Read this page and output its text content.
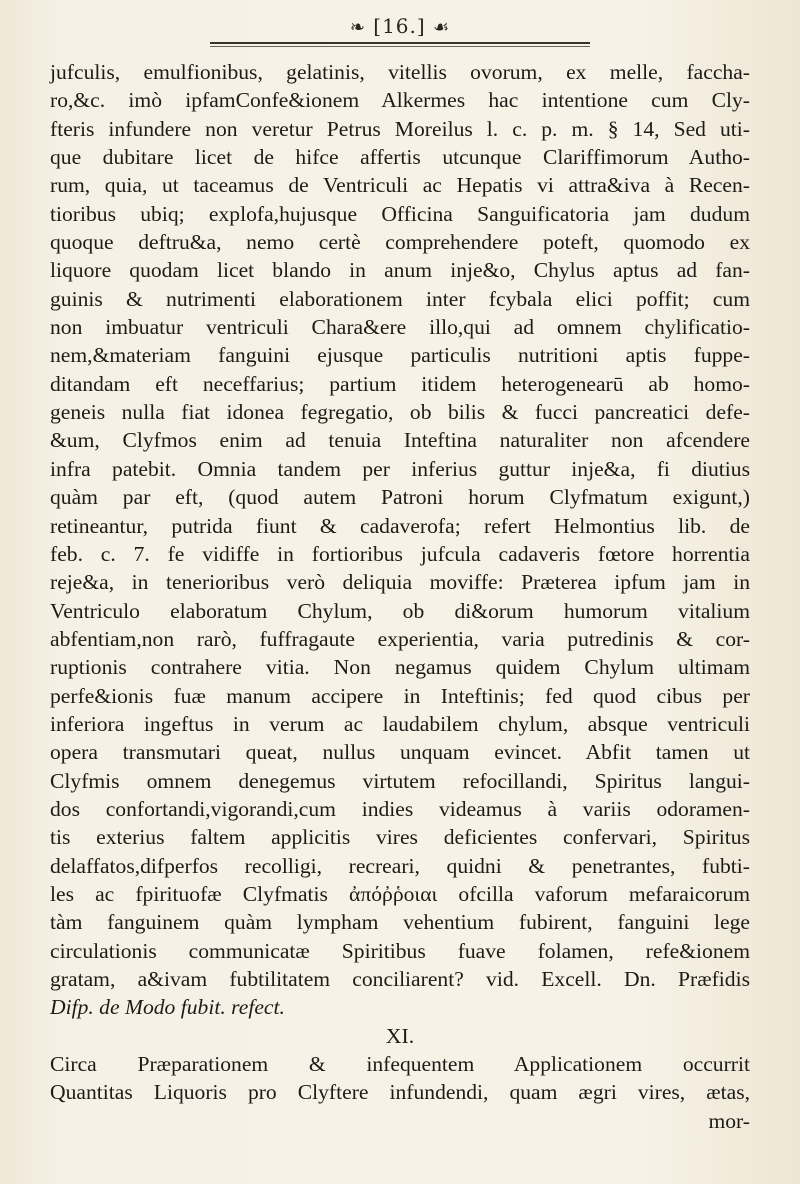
❧ [16.] ☙
jufculis, emulfionibus, gelatinis, vitellis ovorum, ex melle, faccha-
ro,&c. imò ipfamConfe&ionem Alkermes hac intentione cum Cly-
fteris infundere non veretur Petrus Moreilus l. c. p. m. § 14, Sed uti-
que dubitare licet de hifce affertis utcunque Clariffimorum Autho-
rum, quia, ut taceamus de Ventriculi ac Hepatis vi attra&iva à Recen-
tioribus ubiq; explofa,hujusque Officina Sanguificatoria jam dudum
quoque deftru&a, nemo certè comprehendere poteft, quomodo ex
liquore quodam licet blando in anum inje&o, Chylus aptus ad fan-
guinis & nutrimenti elaborationem inter fcybala elici poffit; cum
non imbuatur ventriculi Chara&ere illo,qui ad omnem chylificatio-
nem,&materiam fanguini ejusque particulis nutritioni aptis fuppe-
ditandam eft neceffarius; partium itidem heterogenearū ab homo-
geneis nulla fiat idonea fegregatio, ob bilis & fucci pancreatici defe-
&um, Clyfmos enim ad tenuia Inteftina naturaliter non afcendere
infra patebit. Omnia tandem per inferius guttur inje&a, fi diutius
quàm par eft, (quod autem Patroni horum Clyfmatum exigunt,)
retineantur, putrida fiunt & cadaverofa; refert Helmontius lib. de
feb. c. 7. fe vidiffe in fortioribus jufcula cadaveris fœtore horrentia
reje&a, in tenerioribus verò deliquia moviffe: Præterea ipfum jam in
Ventriculo elaboratum Chylum, ob di&orum humorum vitalium
abfentiam,non rarò, fuffragaute experientia, varia putredinis & cor-
ruptionis contrahere vitia. Non negamus quidem Chylum ultimam
perfe&ionis fuæ manum accipere in Inteftinis; fed quod cibus per
inferiora ingeftus in verum ac laudabilem chylum, absque ventriculi
opera transmutari queat, nullus unquam evincet. Abfit tamen ut
Clyfmis omnem denegemus virtutem refocillandi, Spiritus langui-
dos confortandi,vigorandi,cum indies videamus à variis odoramen-
tis exterius faltem applicitis vires deficientes confervari, Spiritus
delaffatos,difperfos recolligi, recreari, quidni & penetrantes, fubti-
les ac fpirituofæ Clyfmatis ἀπόῤῥοιαι ofcilla vaforum mefaraicorum
tàm fanguinem quàm lympham vehentium fubirent, fanguini lege
circulationis communicatæ Spiritibus fuave folamen, refe&ionem
gratam, a&ivam fubtilitatem conciliarent? vid. Excell. Dn. Præfidis
Difp. de Modo fubit. refect.
XI.
Circa Præparationem & infequentem Applicationem occurrit
Quantitas Liquoris pro Clyftere infundendi, quam ægri vires, ætas,
mor-
